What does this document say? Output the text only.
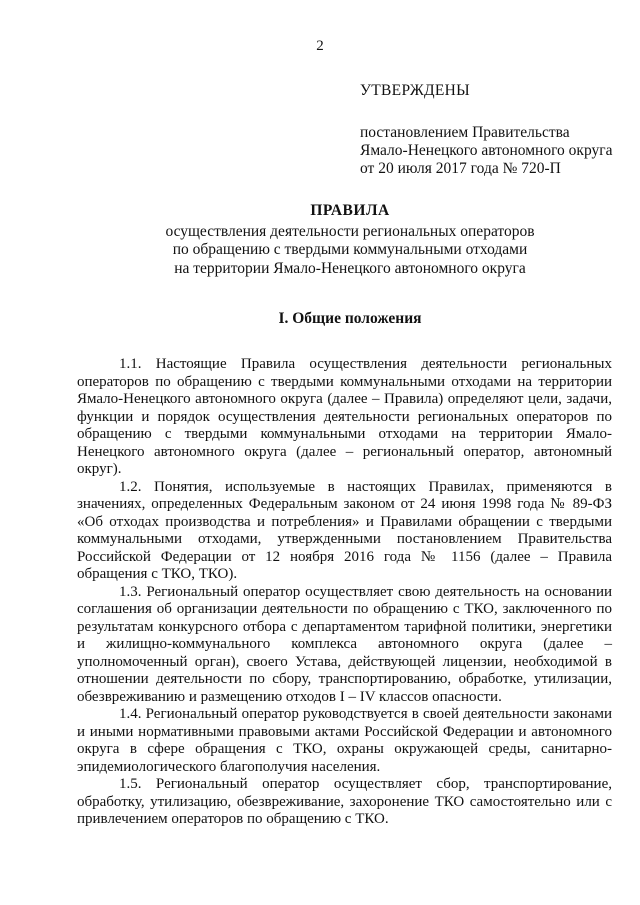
2
УТВЕРЖДЕНЫ
постановлением Правительства
Ямало-Ненецкого автономного округа
от 20 июля 2017 года № 720-П
ПРАВИЛА
осуществления деятельности региональных операторов
по обращению с твердыми коммунальными отходами
на территории Ямало-Ненецкого автономного округа
I. Общие положения

1.1. Настоящие Правила осуществления деятельности региональных операторов по обращению с твердыми коммунальными отходами на территории Ямало-Ненецкого автономного округа (далее – Правила) определяют цели, задачи, функции и порядок осуществления деятельности региональных операторов по обращению с твердыми коммунальными отходами на территории Ямало-Ненецкого автономного округа (далее – региональный оператор, автономный округ).

1.2. Понятия, используемые в настоящих Правилах, применяются в значениях, определенных Федеральным законом от 24 июня 1998 года № 89-ФЗ «Об отходах производства и потребления» и Правилами обращении с твердыми коммунальными отходами, утвержденными постановлением Правительства Российской Федерации от 12 ноября 2016 года № 1156 (далее – Правила обращения с ТКО, ТКО).

1.3. Региональный оператор осуществляет свою деятельность на основании соглашения об организации деятельности по обращению с ТКО, заключенного по результатам конкурсного отбора с департаментом тарифной политики, энергетики и жилищно-коммунального комплекса автономного округа (далее – уполномоченный орган), своего Устава, действующей лицензии, необходимой в отношении деятельности по сбору, транспортированию, обработке, утилизации, обезвреживанию и размещению отходов I – IV классов опасности.

1.4. Региональный оператор руководствуется в своей деятельности законами и иными нормативными правовыми актами Российской Федерации и автономного округа в сфере обращения с ТКО, охраны окружающей среды, санитарно-эпидемиологического благополучия населения.

1.5. Региональный оператор осуществляет сбор, транспортирование, обработку, утилизацию, обезвреживание, захоронение ТКО самостоятельно или с привлечением операторов по обращению с ТКО.
